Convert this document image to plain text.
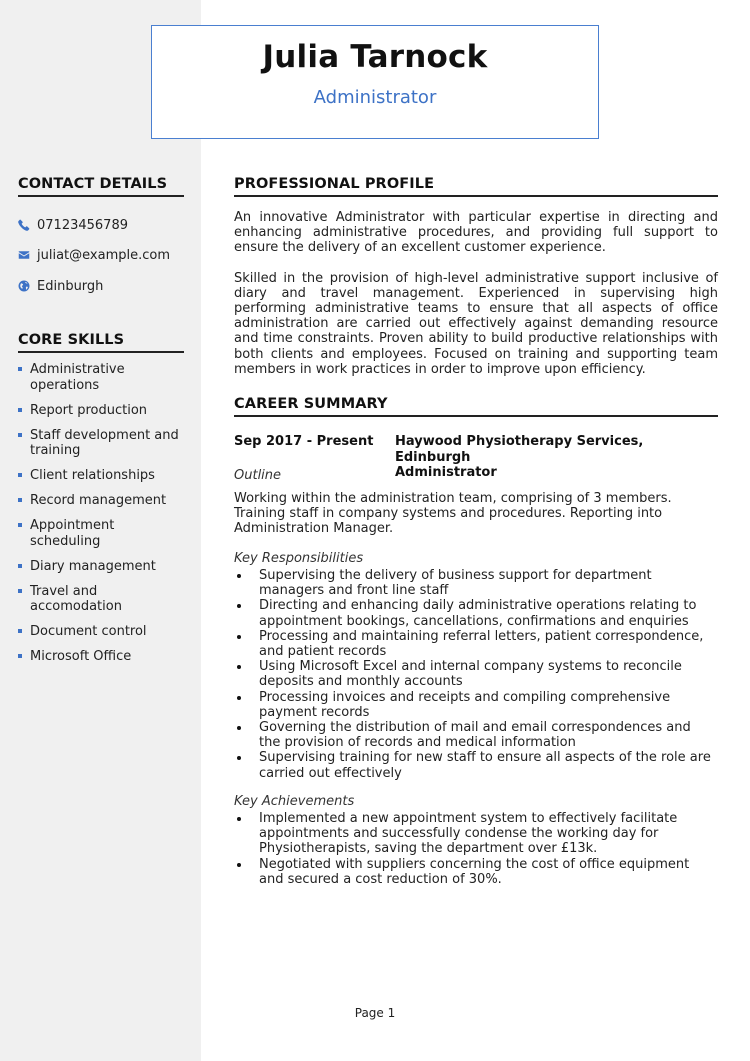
Julia Tarnock
Administrator
CONTACT DETAILS
07123456789
juliat@example.com
Edinburgh
CORE SKILLS
Administrative operations
Report production
Staff development and training
Client relationships
Record management
Appointment scheduling
Diary management
Travel and accomodation
Document control
Microsoft Office
PROFESSIONAL PROFILE

An innovative Administrator with particular expertise in directing and enhancing administrative procedures, and providing full support to ensure the delivery of an excellent customer experience.

Skilled in the provision of high-level administrative support inclusive of diary and travel management. Experienced in supervising high performing administrative teams to ensure that all aspects of office administration are carried out effectively against demanding resource and time constraints. Proven ability to build productive relationships with both clients and employees. Focused on training and supporting team members in work practices in order to improve upon efficiency.

CAREER SUMMARY
Sep 2017 - Present Haywood Physiotherapy Services, Edinburgh
Administrator
Outline

Working within the administration team, comprising of 3 members. Training staff in company systems and procedures. Reporting into Administration Manager.

Key Responsibilities
Supervising the delivery of business support for department managers and front line staff
Directing and enhancing daily administrative operations relating to appointment bookings, cancellations, confirmations and enquiries
Processing and maintaining referral letters, patient correspondence, and patient records
Using Microsoft Excel and internal company systems to reconcile deposits and monthly accounts
Processing invoices and receipts and compiling comprehensive payment records
Governing the distribution of mail and email correspondences and the provision of records and medical information
Supervising training for new staff to ensure all aspects of the role are carried out effectively
Key Achievements
Implemented a new appointment system to effectively facilitate appointments and successfully condense the working day for Physiotherapists, saving the department over £13k.
Negotiated with suppliers concerning the cost of office equipment and secured a cost reduction of 30%.
Page 1
